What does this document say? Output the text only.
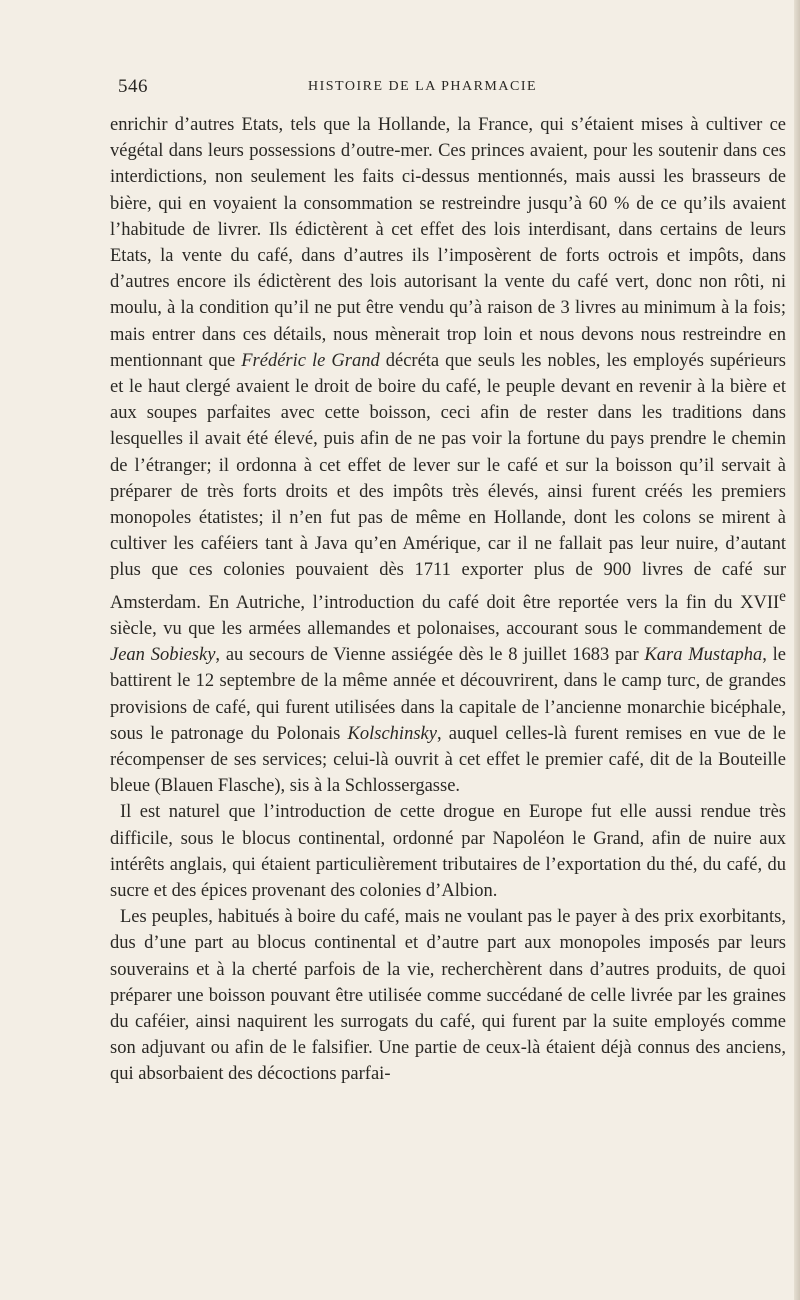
546	HISTOIRE DE LA PHARMACIE

enrichir d’autres Etats, tels que la Hollande, la France, qui s’étaient mises à cultiver ce végétal dans leurs possessions d’outre-mer. Ces princes avaient, pour les soutenir dans ces interdictions, non seulement les faits ci-dessus mentionnés, mais aussi les brasseurs de bière, qui en voyaient la consommation se restreindre jusqu’à 60 % de ce qu’ils avaient l’habitude de livrer. Ils édictèrent à cet effet des lois interdisant, dans certains de leurs Etats, la vente du café, dans d’autres ils l’imposèrent de forts octrois et impôts, dans d’autres encore ils édictèrent des lois autorisant la vente du café vert, donc non rôti, ni moulu, à la condition qu’il ne put être vendu qu’à raison de 3 livres au minimum à la fois; mais entrer dans ces détails, nous mènerait trop loin et nous devons nous restreindre en mentionnant que Frédéric le Grand décréta que seuls les nobles, les employés supérieurs et le haut clergé avaient le droit de boire du café, le peuple devant en revenir à la bière et aux soupes parfaites avec cette boisson, ceci afin de rester dans les traditions dans lesquelles il avait été élevé, puis afin de ne pas voir la fortune du pays prendre le chemin de l’étranger; il ordonna à cet effet de lever sur le café et sur la boisson qu’il servait à préparer de très forts droits et des impôts très élevés, ainsi furent créés les premiers monopoles étatistes; il n’en fut pas de même en Hollande, dont les colons se mirent à cultiver les caféiers tant à Java qu’en Amérique, car il ne fallait pas leur nuire, d’autant plus que ces colonies pouvaient dès 1711 exporter plus de 900 livres de café sur Amsterdam. En Autriche, l’introduction du café doit être reportée vers la fin du XVIIe siècle, vu que les armées allemandes et polonaises, accourant sous le commandement de Jean Sobiesky, au secours de Vienne assiégée dès le 8 juillet 1683 par Kara Mustapha, le battirent le 12 septembre de la même année et découvrirent, dans le camp turc, de grandes provisions de café, qui furent utilisées dans la capitale de l’ancienne monarchie bicéphale, sous le patronage du Polonais Kolschinsky, auquel celles-là furent remises en vue de le récompenser de ses services; celui-là ouvrit à cet effet le premier café, dit de la Bouteille bleue (Blauen Flasche), sis à la Schlossergasse.

Il est naturel que l’introduction de cette drogue en Europe fut elle aussi rendue très difficile, sous le blocus continental, ordonné par Napoléon le Grand, afin de nuire aux intérêts anglais, qui étaient particulièrement tributaires de l’exportation du thé, du café, du sucre et des épices provenant des colonies d’Albion.

Les peuples, habitués à boire du café, mais ne voulant pas le payer à des prix exorbitants, dus d’une part au blocus continental et d’autre part aux monopoles imposés par leurs souverains et à la cherté parfois de la vie, recherchèrent dans d’autres produits, de quoi préparer une boisson pouvant être utilisée comme succédané de celle livrée par les graines du caféier, ainsi naquirent les surrogats du café, qui furent par la suite employés comme son adjuvant ou afin de le falsifier. Une partie de ceux-là étaient déjà connus des anciens, qui absorbaient des décoctions parfai-
